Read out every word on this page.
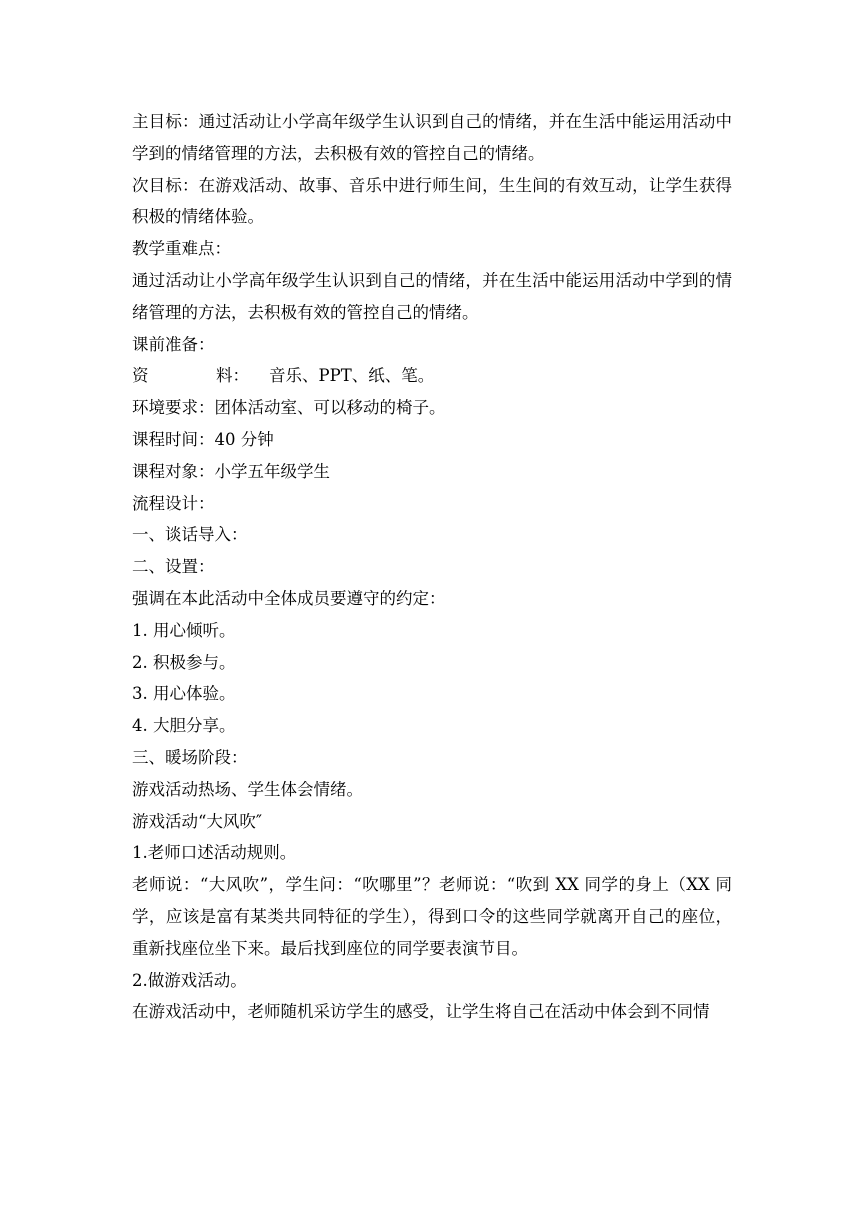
主目标：通过活动让小学高年级学生认识到自己的情绪，并在生活中能运用活动中学到的情绪管理的方法，去积极有效的管控自己的情绪。

次目标：在游戏活动、故事、音乐中进行师生间，生生间的有效互动，让学生获得积极的情绪体验。

教学重难点：

通过活动让小学高年级学生认识到自己的情绪，并在生活中能运用活动中学到的情绪管理的方法，去积极有效的管控自己的情绪。

课前准备：

资	料：	音乐、PPT、纸、笔。

环境要求：团体活动室、可以移动的椅子。

课程时间：40 分钟

课程对象：小学五年级学生

流程设计：

一、谈话导入：

二、设置：

强调在本此活动中全体成员要遵守的约定：

1. 用心倾听。

2. 积极参与。

3. 用心体验。

4. 大胆分享。

三、暖场阶段：

游戏活动热场、学生体会情绪。

游戏活动“大风吹″

1.老师口述活动规则。

老师说：“大风吹”，学生问：“吹哪里”？老师说：“吹到 XX 同学的身上（XX 同学，应该是富有某类共同特征的学生），得到口令的这些同学就离开自己的座位，重新找座位坐下来。最后找到座位的同学要表演节目。

2.做游戏活动。

在游戏活动中，老师随机采访学生的感受，让学生将自己在活动中体会到不同情
